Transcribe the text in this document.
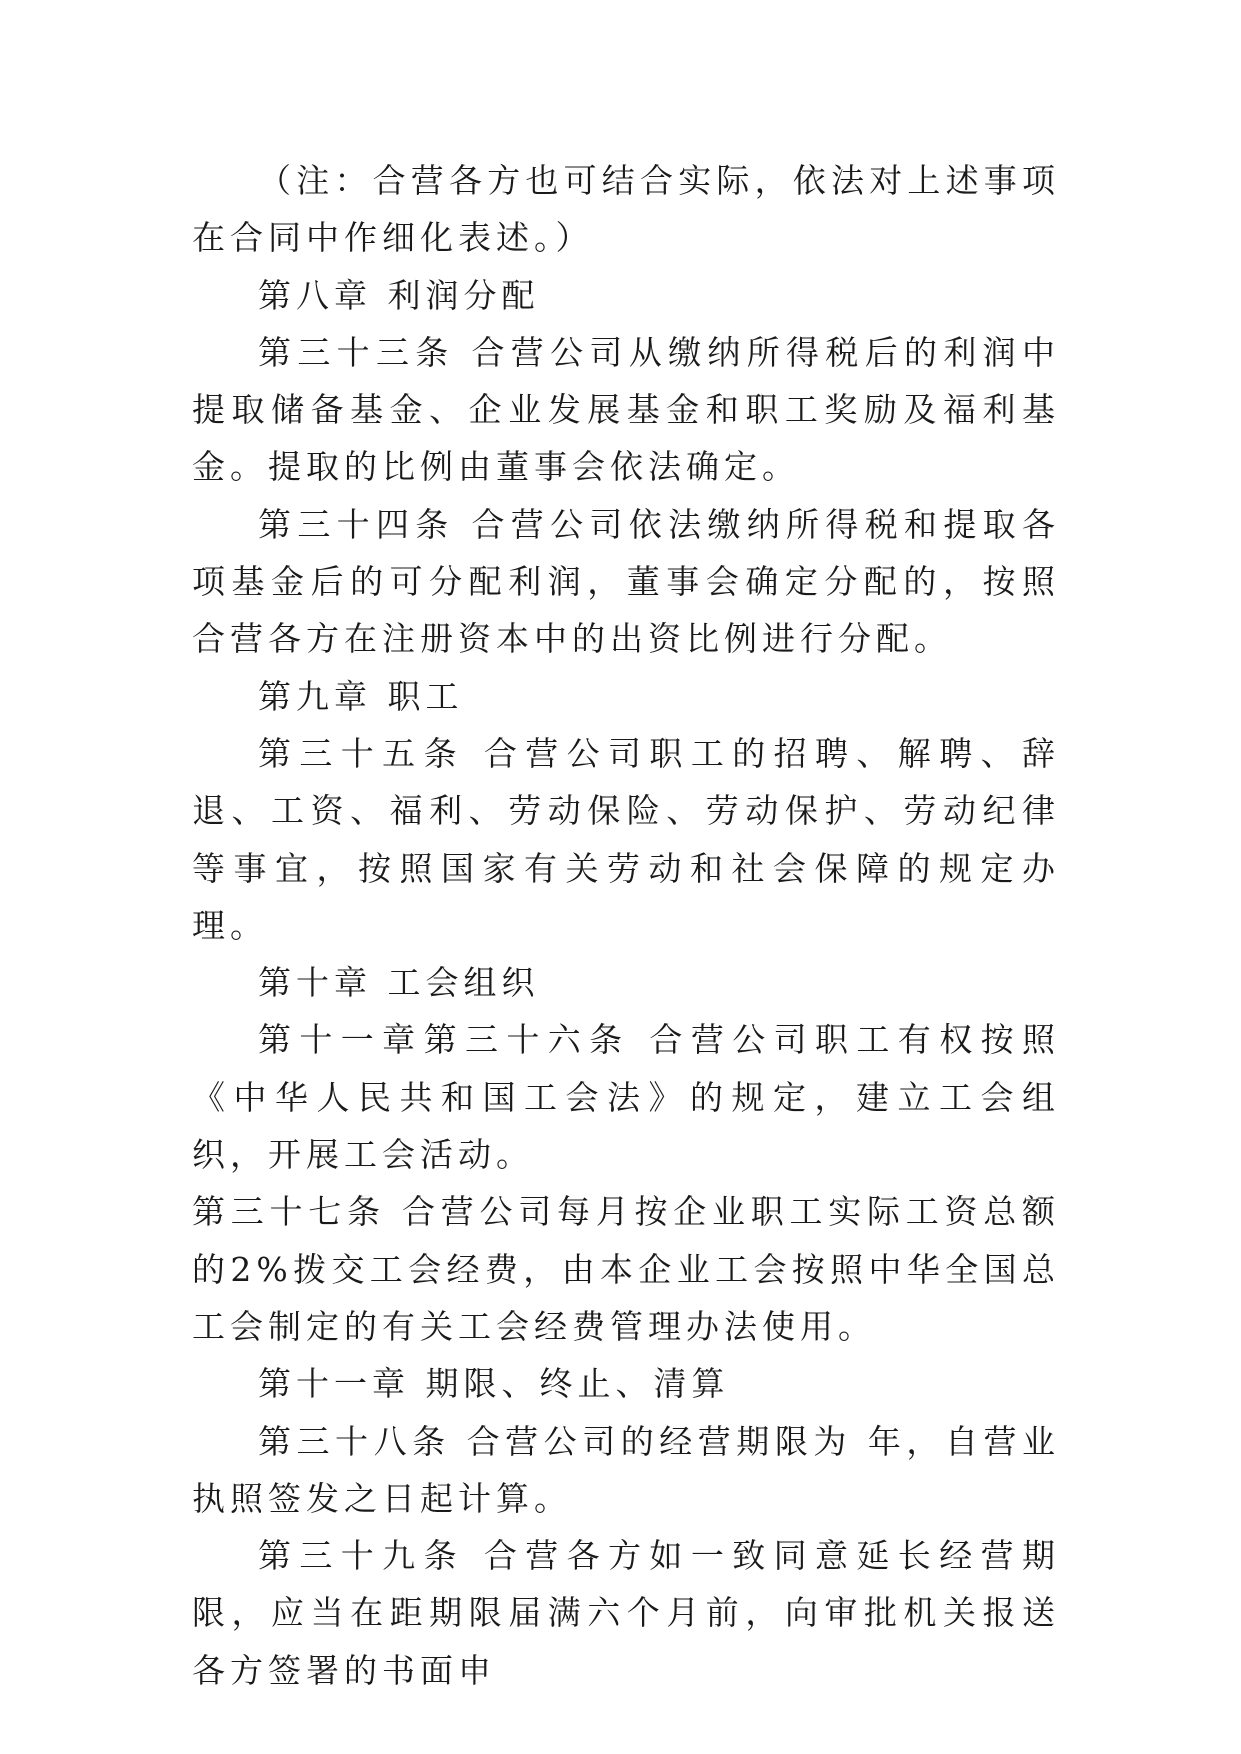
（注：合营各方也可结合实际，依法对上述事项在合同中作细化表述。）

第八章 利润分配

第三十三条 合营公司从缴纳所得税后的利润中提取储备基金、企业发展基金和职工奖励及福利基金。提取的比例由董事会依法确定。

第三十四条 合营公司依法缴纳所得税和提取各项基金后的可分配利润，董事会确定分配的，按照合营各方在注册资本中的出资比例进行分配。

第九章 职工

第三十五条 合营公司职工的招聘、解聘、辞退、工资、福利、劳动保险、劳动保护、劳动纪律等事宜，按照国家有关劳动和社会保障的规定办理。

第十章 工会组织

第十一章第三十六条 合营公司职工有权按照《中华人民共和国工会法》的规定，建立工会组织，开展工会活动。

第三十七条 合营公司每月按企业职工实际工资总额的2%拨交工会经费，由本企业工会按照中华全国总工会制定的有关工会经费管理办法使用。

第十一章 期限、终止、清算

第三十八条 合营公司的经营期限为 年，自营业执照签发之日起计算。

第三十九条 合营各方如一致同意延长经营期限，应当在距期限届满六个月前，向审批机关报送各方签署的书面申
